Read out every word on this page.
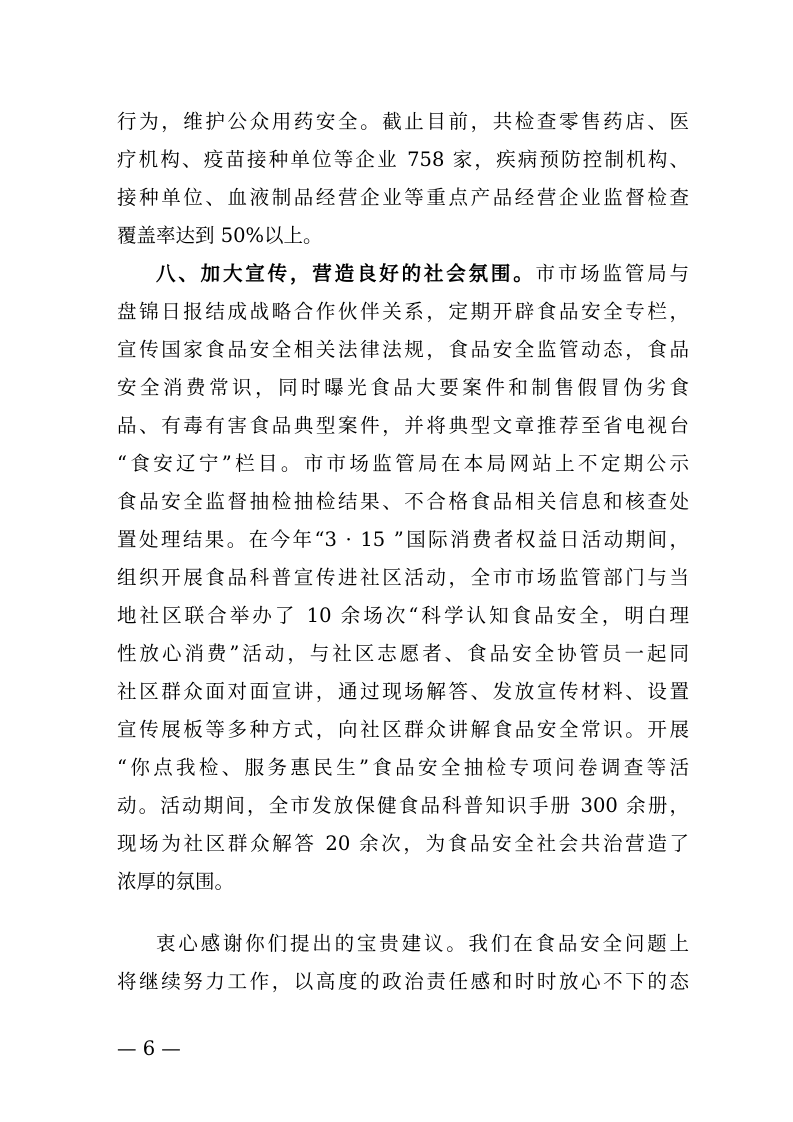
行为，维护公众用药安全。截止目前，共检查零售药店、医
疗机构、疫苗接种单位等企业 758 家，疾病预防控制机构、
接种单位、血液制品经营企业等重点产品经营企业监督检查
覆盖率达到 50%以上。
八、加大宣传，营造良好的社会氛围。市市场监管局与
盘锦日报结成战略合作伙伴关系，定期开辟食品安全专栏，
宣传国家食品安全相关法律法规，食品安全监管动态，食品
安全消费常识，同时曝光食品大要案件和制售假冒伪劣食
品、有毒有害食品典型案件，并将典型文章推荐至省电视台
“食安辽宁”栏目。市市场监管局在本局网站上不定期公示
食品安全监督抽检抽检结果、不合格食品相关信息和核查处
置处理结果。在今年“3 · 15 ”国际消费者权益日活动期间，
组织开展食品科普宣传进社区活动，全市市场监管部门与当
地社区联合举办了 10 余场次“科学认知食品安全，明白理
性放心消费”活动，与社区志愿者、食品安全协管员一起同
社区群众面对面宣讲，通过现场解答、发放宣传材料、设置
宣传展板等多种方式，向社区群众讲解食品安全常识。开展
“你点我检、服务惠民生”食品安全抽检专项问卷调查等活
动。活动期间，全市发放保健食品科普知识手册 300 余册，
现场为社区群众解答 20 余次，为食品安全社会共治营造了
浓厚的氛围。
衷心感谢你们提出的宝贵建议。我们在食品安全问题上
将继续努力工作，以高度的政治责任感和时时放心不下的态
— 6 —
